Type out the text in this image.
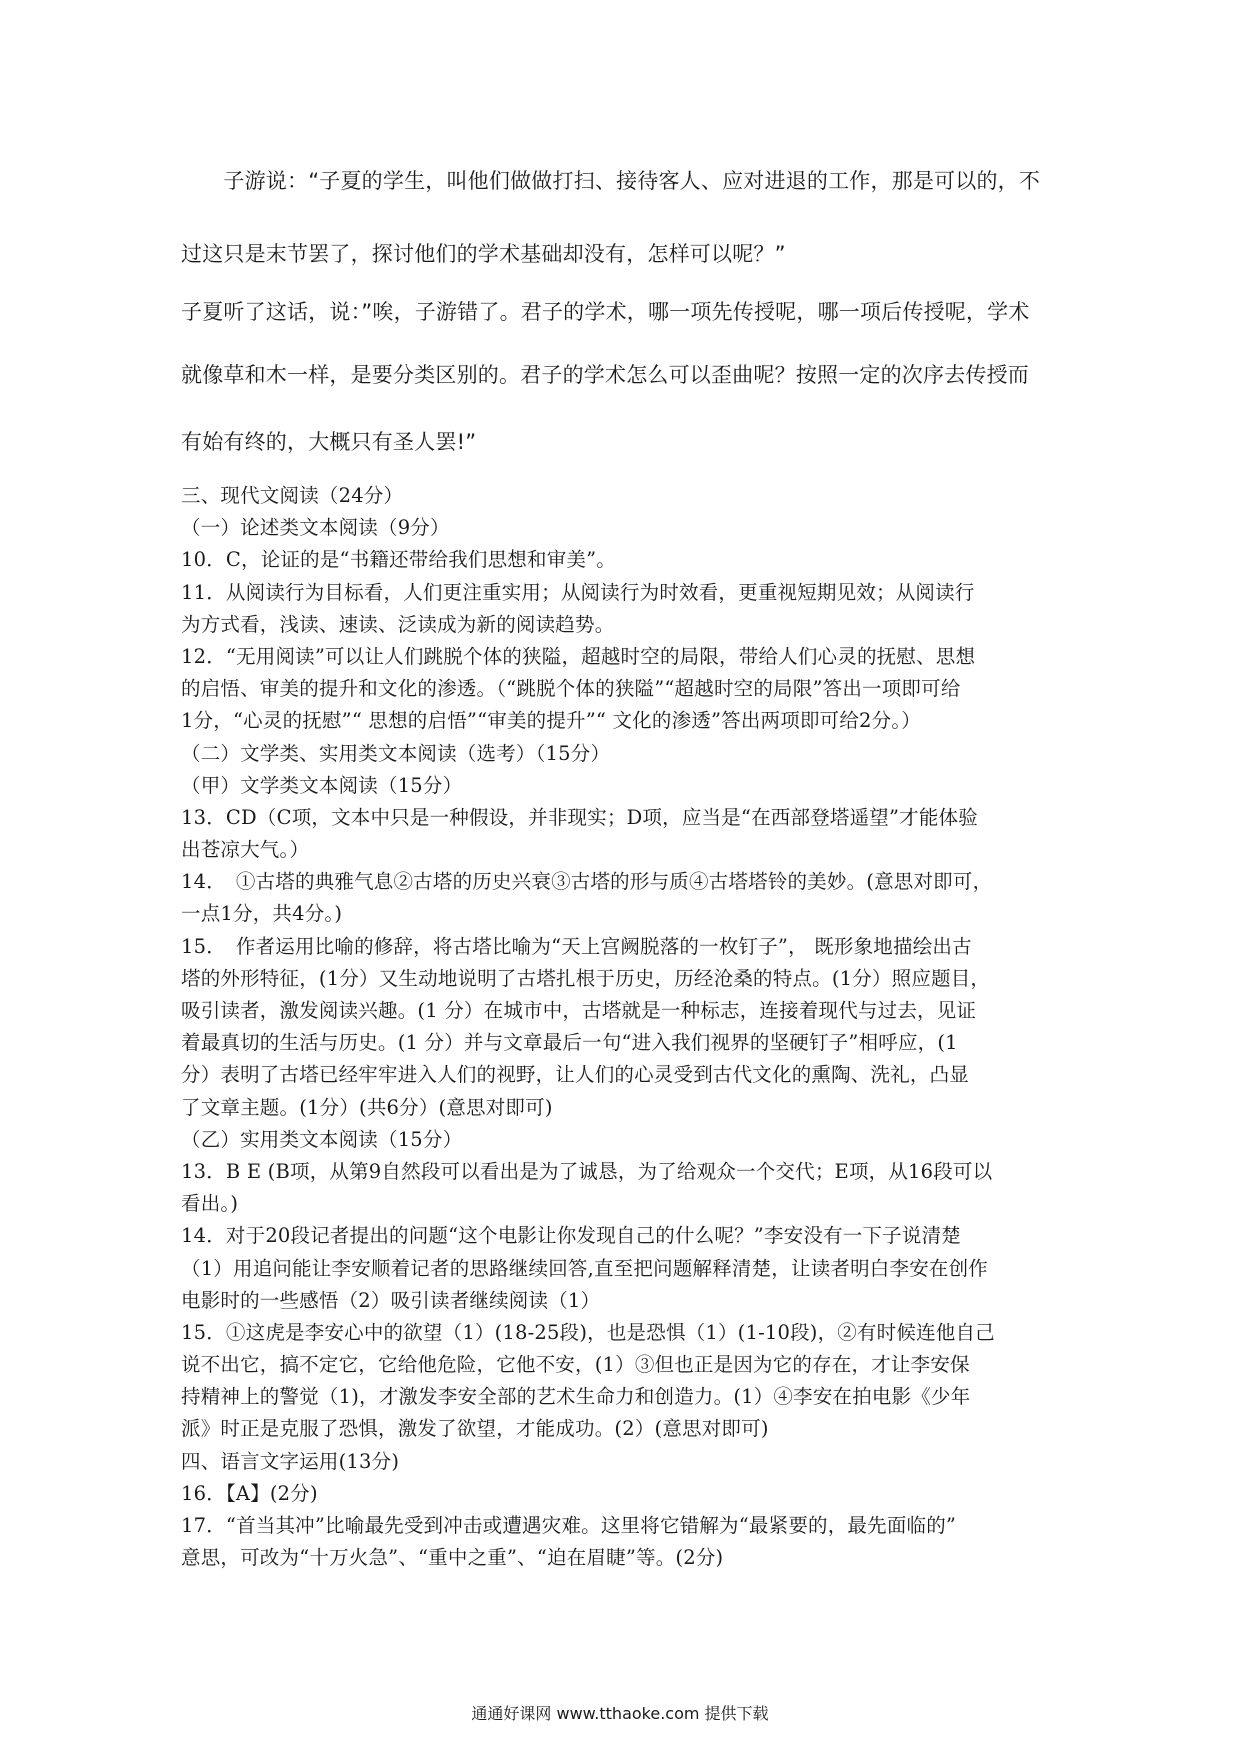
　　子游说：“子夏的学生，叫他们做做打扫、接待客人、应对进退的工作，那是可以的，不

过这只是末节罢了，探讨他们的学术基础却没有，怎样可以呢？”

子夏听了这话，说：”唉，子游错了。君子的学术，哪一项先传授呢，哪一项后传授呢，学术

就像草和木一样，是要分类区别的。君子的学术怎么可以歪曲呢？按照一定的次序去传授而

有始有终的，大概只有圣人罢!”

三、现代文阅读（24分）
（一）论述类文本阅读（9分）
10．C，论证的是“书籍还带给我们思想和审美”。
11．从阅读行为目标看，人们更注重实用；从阅读行为时效看，更重视短期见效；从阅读行
为方式看，浅读、速读、泛读成为新的阅读趋势。
12．“无用阅读”可以让人们跳脱个体的狭隘，超越时空的局限，带给人们心灵的抚慰、思想
的启悟、审美的提升和文化的渗透。（“跳脱个体的狭隘”“超越时空的局限”答出一项即可给
1分，“心灵的抚慰”“ 思想的启悟”“审美的提升”“ 文化的渗透”答出两项即可给2分。）
（二）文学类、实用类文本阅读（选考）（15分）
（甲）文学类文本阅读（15分）
13．CD（C项，文本中只是一种假设，并非现实；D项，应当是“在西部登塔遥望”才能体验
出苍凉大气。）
14．　①古塔的典雅气息②古塔的历史兴衰③古塔的形与质④古塔塔铃的美妙。(意思对即可，
一点1分，共4分。)
15．　作者运用比喻的修辞，将古塔比喻为“天上宫阙脱落的一枚钉子”， 既形象地描绘出古
塔的外形特征，(1分）又生动地说明了古塔扎根于历史，历经沧桑的特点。(1分）照应题目，
吸引读者，激发阅读兴趣。(1 分）在城市中，古塔就是一种标志，连接着现代与过去，见证
着最真切的生活与历史。(1 分）并与文章最后一句“进入我们视界的坚硬钉子”相呼应，(1
分）表明了古塔已经牢牢进入人们的视野，让人们的心灵受到古代文化的熏陶、洗礼，凸显
了文章主题。(1分）(共6分）(意思对即可)
（乙）实用类文本阅读（15分）
13．B E (B项，从第9自然段可以看出是为了诚恳，为了给观众一个交代；E项，从16段可以
看出。)
14．对于20段记者提出的问题“这个电影让你发现自己的什么呢？”李安没有一下子说清楚
（1）用追问能让李安顺着记者的思路继续回答,直至把问题解释清楚，让读者明白李安在创作
电影时的一些感悟（2）吸引读者继续阅读（1）
15．①这虎是李安心中的欲望（1）(18-25段)，也是恐惧（1）(1-10段)，②有时候连他自己
说不出它，搞不定它，它给他危险，它他不安，(1）③但也正是因为它的存在，才让李安保
持精神上的警觉（1)，才激发李安全部的艺术生命力和创造力。(1）④李安在拍电影《少年
派》时正是克服了恐惧，激发了欲望，才能成功。(2）(意思对即可)
四、语言文字运用(13分)
16．【A】(2分)
17．“首当其冲”比喻最先受到冲击或遭遇灾难。这里将它错解为“最紧要的，最先面临的”
意思，可改为“十万火急”、“重中之重”、“迫在眉睫”等。(2分)
通通好课网 www.tthaoke.com 提供下载
